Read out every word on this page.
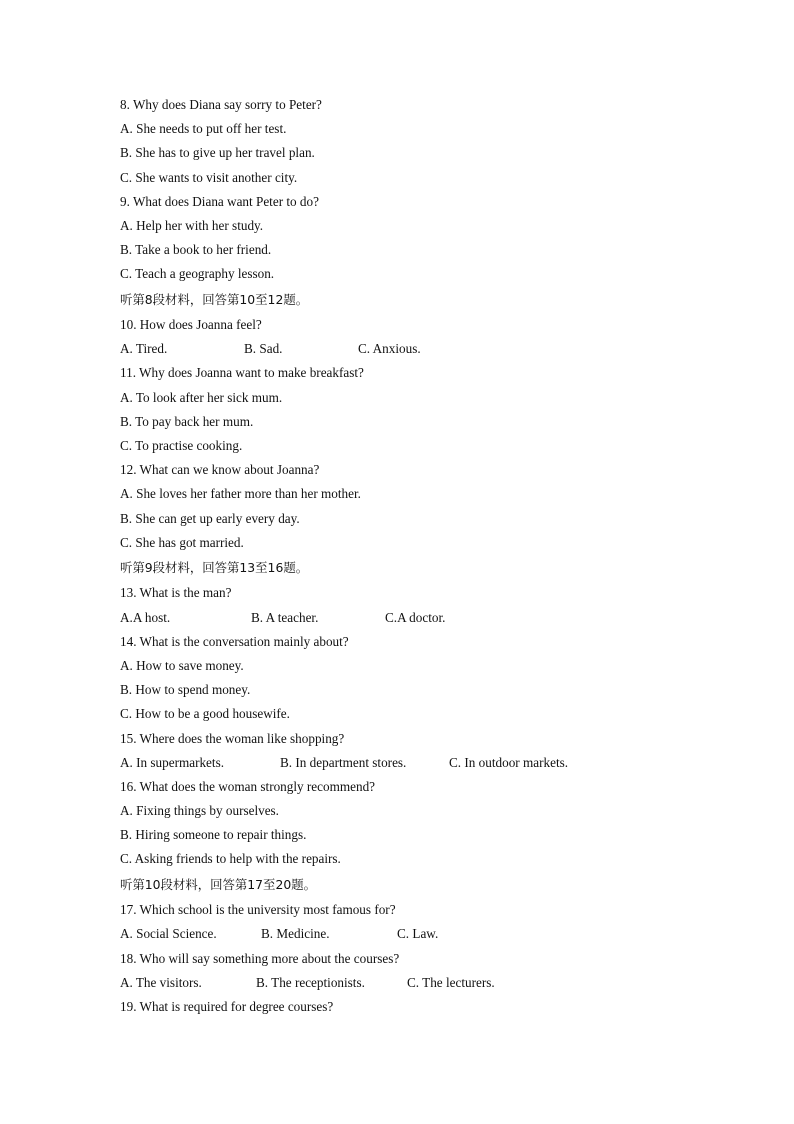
8. Why does Diana say sorry to Peter?
A. She needs to put off her test.
B. She has to give up her travel plan.
C. She wants to visit another city.
9. What does Diana want Peter to do?
A. Help her with her study.
B. Take a book to her friend.
C. Teach a geography lesson.
听第8段材料，回答第10至12题。
10. How does Joanna feel?
A. Tired.	B. Sad.	C. Anxious.
11. Why does Joanna want to make breakfast?
A. To look after her sick mum.
B. To pay back her mum.
C. To practise cooking.
12. What can we know about Joanna?
A. She loves her father more than her mother.
B. She can get up early every day.
C. She has got married.
听第9段材料，回答第13至16题。
13. What is the man?
A.A host.	B. A teacher.	C.A doctor.
14. What is the conversation mainly about?
A. How to save money.
B. How to spend money.
C. How to be a good housewife.
15. Where does the woman like shopping?
A. In supermarkets.	B. In department stores.	C. In outdoor markets.
16. What does the woman strongly recommend?
A. Fixing things by ourselves.
B. Hiring someone to repair things.
C. Asking friends to help with the repairs.
听第10段材料，回答第17至20题。
17. Which school is the university most famous for?
A. Social Science.	B. Medicine.	C. Law.
18. Who will say something more about the courses?
A. The visitors.	B. The receptionists.	C. The lecturers.
19. What is required for degree courses?
